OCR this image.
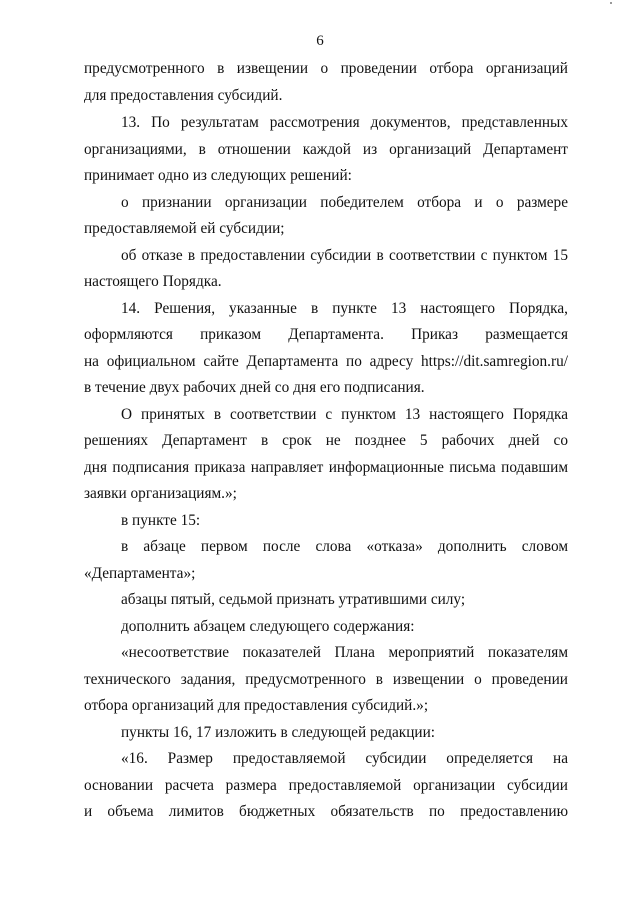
6
предусмотренного в извещении о проведении отбора организаций
для предоставления субсидий.
13. По результатам рассмотрения документов, представленных
организациями, в отношении каждой из организаций Департамент
принимает одно из следующих решений:
о признании организации победителем отбора и о размере
предоставляемой ей субсидии;
об отказе в предоставлении субсидии в соответствии с пунктом 15
настоящего Порядка.
14. Решения, указанные в пункте 13 настоящего Порядка,
оформляются приказом Департамента. Приказ размещается
на официальном сайте Департамента по адресу https://dit.samregion.ru/
в течение двух рабочих дней со дня его подписания.
О принятых в соответствии с пунктом 13 настоящего Порядка
решениях Департамент в срок не позднее 5 рабочих дней со
дня подписания приказа направляет информационные письма подавшим
заявки организациям.»;
в пункте 15:
в абзаце первом после слова «отказа» дополнить словом
«Департамента»;
абзацы пятый, седьмой признать утратившими силу;
дополнить абзацем следующего содержания:
«несоответствие показателей Плана мероприятий показателям
технического задания, предусмотренного в извещении о проведении
отбора организаций для предоставления субсидий.»;
пункты 16, 17 изложить в следующей редакции:
«16. Размер предоставляемой субсидии определяется на
основании расчета размера предоставляемой организации субсидии
и объема лимитов бюджетных обязательств по предоставлению
